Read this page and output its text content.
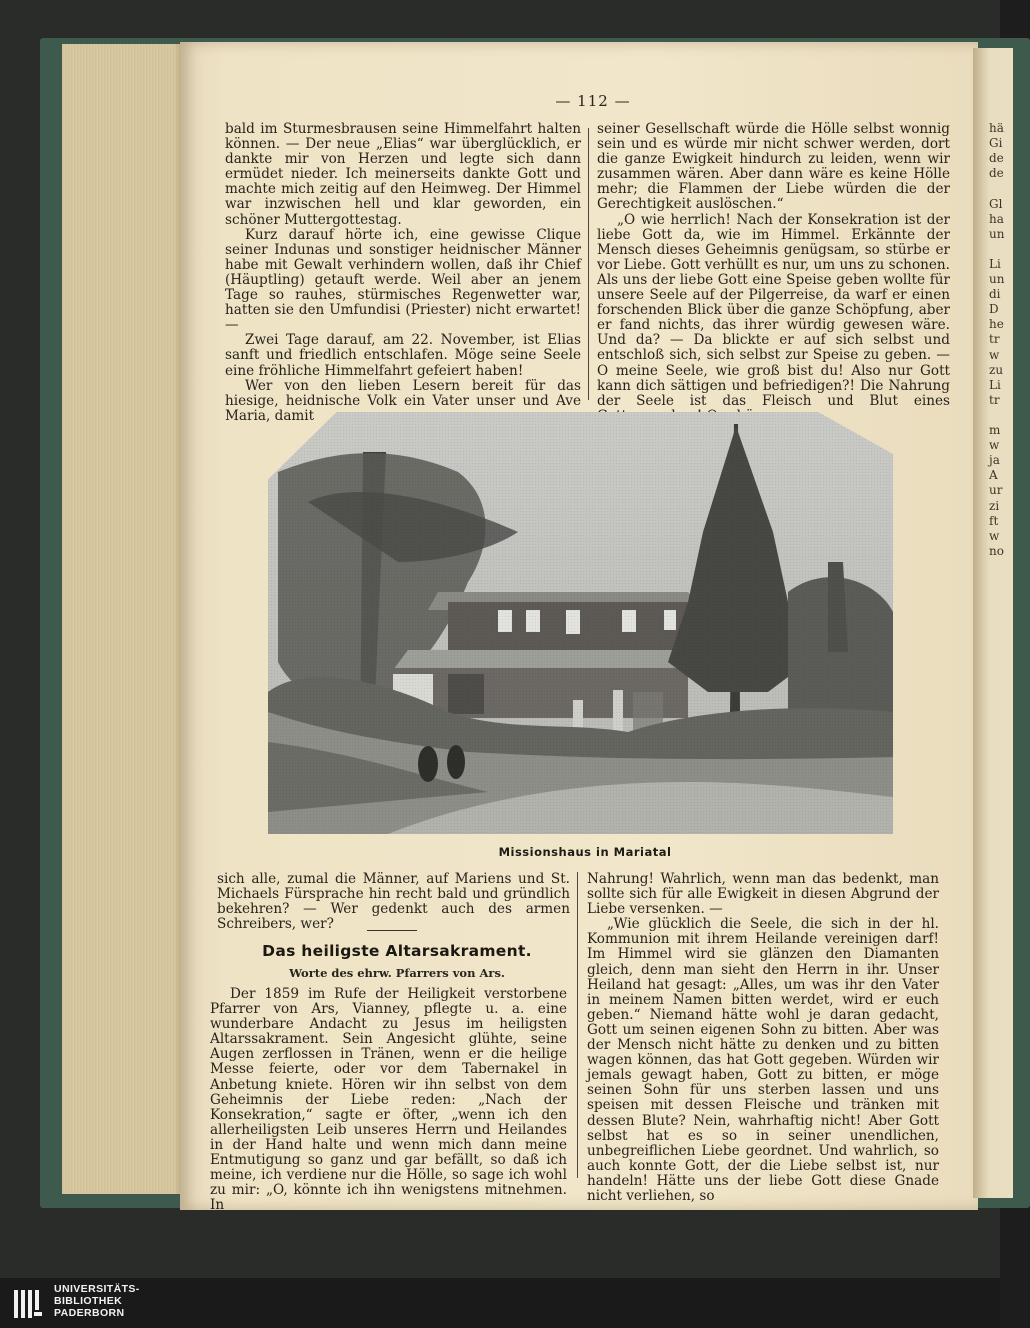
hä
Gi
de
de
Gl
ha
un
Li
un
di
D
he
tr
w
zu
Li
tr
m
w
ja
A
ur
zi
ft
w
no
— 112 —

bald im Sturmesbrausen seine Himmelfahrt halten können. — Der neue „Elias“ war überglücklich, er dankte mir von Herzen und legte sich dann ermüdet nieder. Ich meinerseits dankte Gott und machte mich zeitig auf den Heimweg. Der Himmel war inzwischen hell und klar geworden, ein schöner Muttergottestag.

Kurz darauf hörte ich, eine gewisse Clique seiner Indunas und sonstiger heidnischer Männer habe mit Gewalt verhindern wollen, daß ihr Chief (Häuptling) getauft werde. Weil aber an jenem Tage so rauhes, stürmisches Regenwetter war, hatten sie den Umfundisi (Priester) nicht erwartet! —

Zwei Tage darauf, am 22. November, ist Elias sanft und friedlich entschlafen. Möge seine Seele eine fröhliche Himmelfahrt gefeiert haben!

Wer von den lieben Lesern bereit für das hiesige, heidnische Volk ein Vater unser und Ave Maria, damit

seiner Gesellschaft würde die Hölle selbst wonnig sein und es würde mir nicht schwer werden, dort die ganze Ewigkeit hindurch zu leiden, wenn wir zusammen wären. Aber dann wäre es keine Hölle mehr; die Flammen der Liebe würden die der Gerechtigkeit auslöschen.“

„O wie herrlich! Nach der Konsekration ist der liebe Gott da, wie im Himmel. Erkännte der Mensch dieses Geheimnis genügsam, so stürbe er vor Liebe. Gott verhüllt es nur, um uns zu schonen. Als uns der liebe Gott eine Speise geben wollte für unsere Seele auf der Pilgerreise, da warf er einen forschenden Blick über die ganze Schöpfung, aber er fand nichts, das ihrer würdig gewesen wäre. Und da? — Da blickte er auf sich selbst und entschloß sich, sich selbst zur Speise zu geben. — O meine Seele, wie groß bist du! Also nur Gott kann dich sättigen und befriedigen?! Die Nahrung der Seele ist das Fleisch und Blut eines

Missionshaus in Mariatal

sich alle, zumal die Männer, auf Mariens und St. Michaels Fürsprache hin recht bald und gründlich bekehren? — Wer gedenkt auch des armen Schreibers, wer?

Das heiligste Altarsakrament.
Worte des ehrw. Pfarrers von Ars.

Der 1859 im Rufe der Heiligkeit verstorbene Pfarrer von Ars, Vianney, pflegte u. a. eine wunderbare Andacht zu Jesus im heiligsten Altarssakrament. Sein Angesicht glühte, seine Augen zerflossen in Tränen, wenn er die heilige Messe feierte, oder vor dem Tabernakel in Anbetung kniete. Hören wir ihn selbst von dem Geheimnis der Liebe reden: „Nach der Konsekration,“ sagte er öfter, „wenn ich den allerheiligsten Leib unseres Herrn und Heilandes in der Hand halte und wenn mich dann meine Entmutigung so ganz und gar befällt, so daß ich meine, ich verdiene nur die Hölle, so sage ich wohl zu mir: „O, könnte ich ihn wenigstens mitnehmen. In

Nahrung! Wahrlich, wenn man das bedenkt, man sollte sich für alle Ewigkeit in diesen Abgrund der Liebe versenken. —

„Wie glücklich die Seele, die sich in der hl. Kommunion mit ihrem Heilande vereinigen darf! Im Himmel wird sie glänzen den Diamanten gleich, denn man sieht den Herrn in ihr. Unser Heiland hat gesagt: „Alles, um was ihr den Vater in meinem Namen bitten werdet, wird er euch geben.“ Niemand hätte wohl je daran gedacht, Gott um seinen eigenen Sohn zu bitten. Aber was der Mensch nicht hätte zu denken und zu bitten wagen können, das hat Gott gegeben. Würden wir jemals gewagt haben, Gott zu bitten, er möge seinen Sohn für uns sterben lassen und uns speisen mit dessen Fleische und tränken mit dessen Blute? Nein, wahrhaftig nicht! Aber Gott selbst hat es so in seiner unendlichen, unbegreiflichen Liebe geordnet. Und wahrlich, so auch konnte Gott, der die Liebe selbst ist, nur handeln! Hätte uns der liebe Gott diese Gnade nicht verliehen, so

UNIVERSITÄTS-
BIBLIOTHEK
PADERBORN
